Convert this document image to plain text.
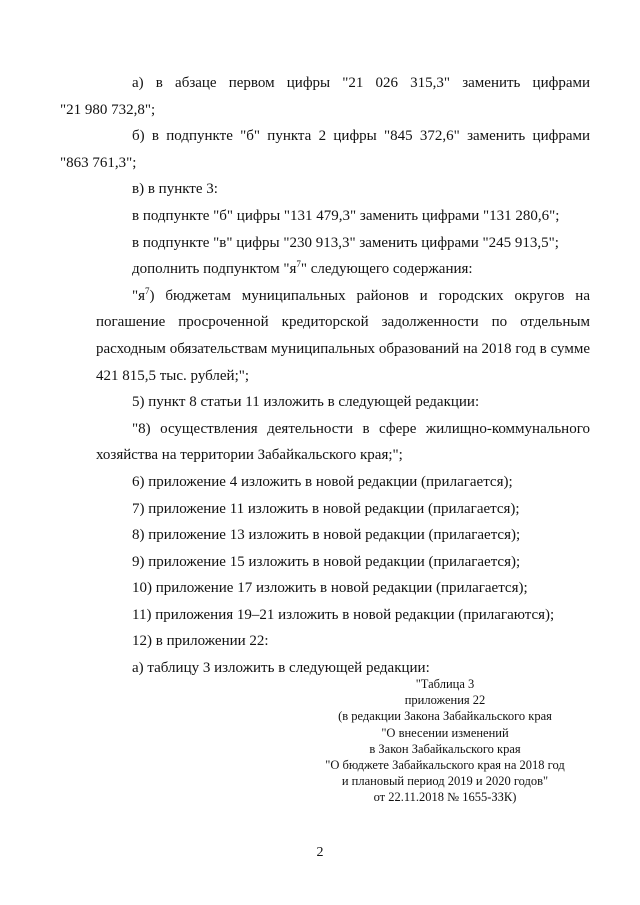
а) в абзаце первом цифры "21 026 315,3" заменить цифрами
"21 980 732,8";

б) в подпункте "б" пункта 2 цифры "845 372,6" заменить цифрами
"863 761,3";

в) в пункте 3:

в подпункте "б" цифры "131 479,3" заменить цифрами "131 280,6";

в подпункте "в" цифры "230 913,3" заменить цифрами "245 913,5";

дополнить подпунктом "$я^7$" следующего содержания:

"$я^7$) бюджетам муниципальных районов и городских округов на погашение просроченной кредиторской задолженности по отдельным расходным обязательствам муниципальных образований на 2018 год в сумме 421 815,5 тыс. рублей;";

5) пункт 8 статьи 11 изложить в следующей редакции:

"8) осуществления деятельности в сфере жилищно-коммунального хозяйства на территории Забайкальского края;";

6) приложение 4 изложить в новой редакции (прилагается);

7) приложение 11 изложить в новой редакции (прилагается);

8) приложение 13 изложить в новой редакции (прилагается);

9) приложение 15 изложить в новой редакции (прилагается);

10) приложение 17 изложить в новой редакции (прилагается);

11) приложения 19–21 изложить в новой редакции (прилагаются);

12) в приложении 22:

а) таблицу 3 изложить в следующей редакции:

"Таблица 3
приложения 22
(в редакции Закона Забайкальского края
"О внесении изменений
в Закон Забайкальского края
"О бюджете Забайкальского края на 2018 год
и плановый период 2019 и 2020 годов"
от 22.11.2018 № 1655-ЗЗК)
2
